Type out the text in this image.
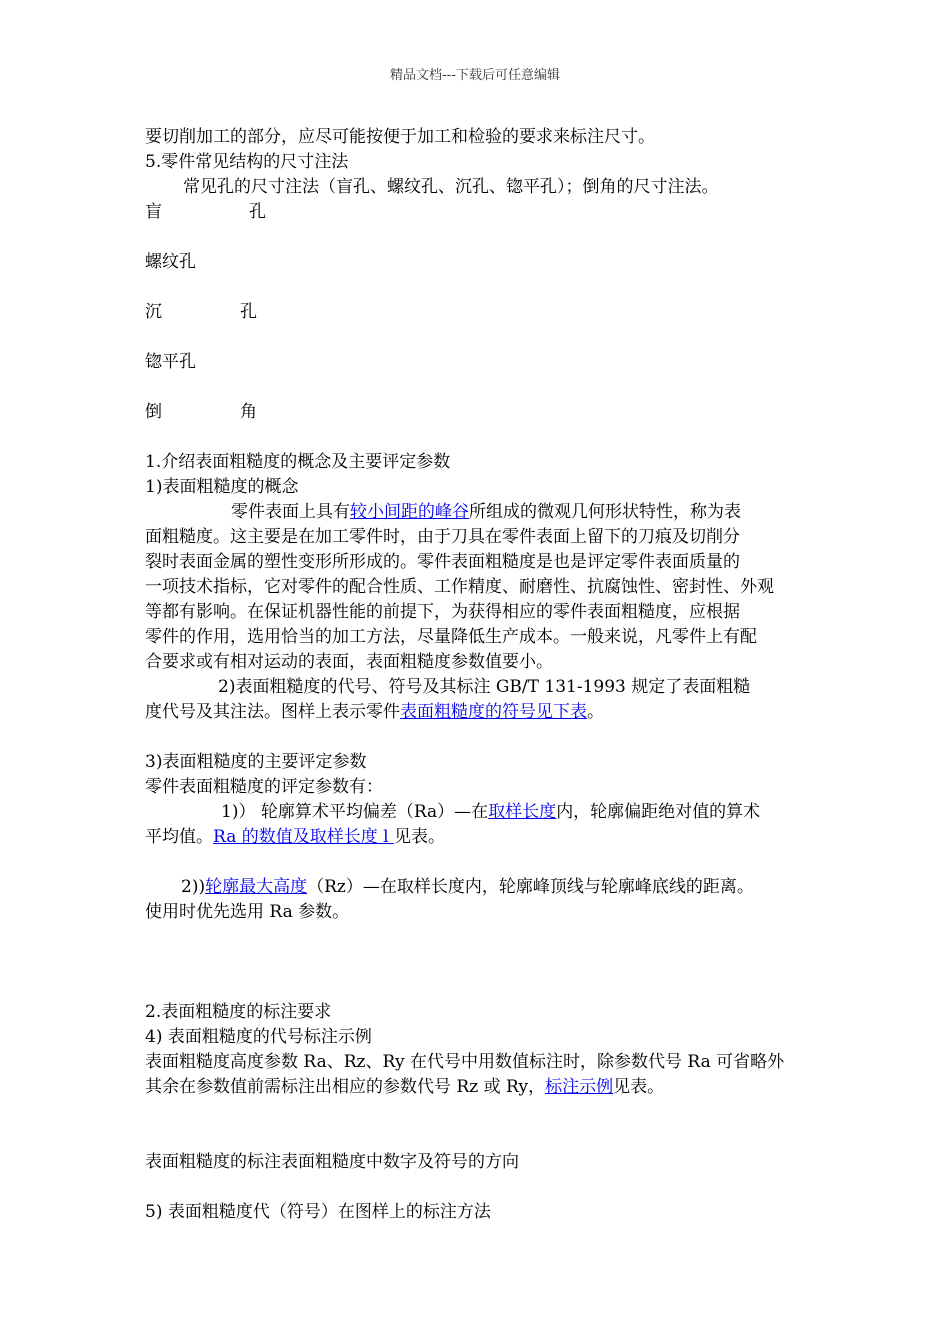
精品文档---下载后可任意编辑
要切削加工的部分，应尽可能按便于加工和检验的要求来标注尺寸。
5.零件常见结构的尺寸注法
常见孔的尺寸注法（盲孔、螺纹孔、沉孔、锪平孔）；倒角的尺寸注法。
盲	孔
螺纹孔
沉	孔
锪平孔
倒	角
1.介绍表面粗糙度的概念及主要评定参数
1)表面粗糙度的概念
零件表面上具有较小间距的峰谷所组成的微观几何形状特性，称为表
面粗糙度。这主要是在加工零件时，由于刀具在零件表面上留下的刀痕及切削分
裂时表面金属的塑性变形所形成的。零件表面粗糙度是也是评定零件表面质量的
一项技术指标，它对零件的配合性质、工作精度、耐磨性、抗腐蚀性、密封性、外观
等都有影响。在保证机器性能的前提下，为获得相应的零件表面粗糙度，应根据
零件的作用，选用恰当的加工方法，尽量降低生产成本。一般来说，凡零件上有配
合要求或有相对运动的表面，表面粗糙度参数值要小。
2)表面粗糙度的代号、符号及其标注 GB/T 131-1993 规定了表面粗糙
度代号及其注法。图样上表示零件表面粗糙度的符号见下表。
3)表面粗糙度的主要评定参数
零件表面粗糙度的评定参数有：
1)） 轮廓算术平均偏差（Ra）—在取样长度内，轮廓偏距绝对值的算术
平均值。Ra 的数值及取样长度 l 见表。
2))轮廓最大高度（Rz）—在取样长度内，轮廓峰顶线与轮廓峰底线的距离。
使用时优先选用 Ra 参数。
2.表面粗糙度的标注要求
4) 表面粗糙度的代号标注示例
表面粗糙度高度参数 Ra、Rz、Ry 在代号中用数值标注时，除参数代号 Ra 可省略外
其余在参数值前需标注出相应的参数代号 Rz 或 Ry，标注示例见表。
表面粗糙度的标注表面粗糙度中数字及符号的方向
5) 表面粗糙度代（符号）在图样上的标注方法
